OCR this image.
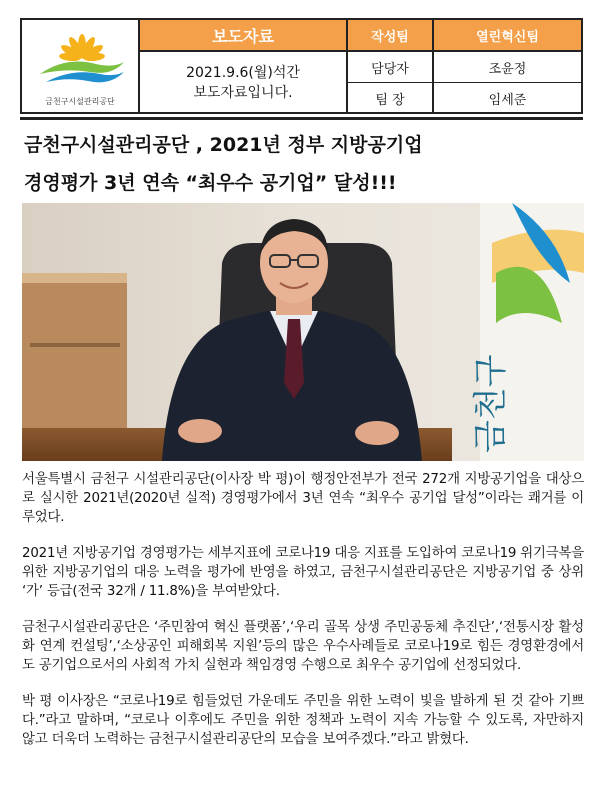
금천구시설관리공단
보도자료
2021.9.6(월)석간
보도자료입니다.
작성팀	열린혁신팀
담당자	조윤정
팀 장	임세준
금천구시설관리공단 , 2021년 정부 지방공기업
경영평가 3년 연속 “최우수 공기업” 달성!!!
금천구

서울특별시 금천구 시설관리공단(이사장 박 평)이 행정안전부가 전국 272개 지방공기업을 대상으로 실시한 2021년(2020년 실적) 경영평가에서 3년 연속 “최우수 공기업 달성”이라는 쾌거를 이루었다.

2021년 지방공기업 경영평가는 세부지표에 코로나19 대응 지표를 도입하여 코로나19 위기극복을 위한 지방공기업의 대응 노력을 평가에 반영을 하였고, 금천구시설관리공단은 지방공기업 중 상위 ‘가’ 등급(전국 32개 / 11.8%)을 부여받았다.

금천구시설관리공단은 ‘주민참여 혁신 플랫폼’,‘우리 골목 상생 주민공동체 추진단’,‘전통시장 활성화 연계 컨설팅’,‘소상공인 피해회복 지원’등의 많은 우수사례들로 코로나19로 힘든 경영환경에서도 공기업으로서의 사회적 가치 실현과 책임경영 수행으로 최우수 공기업에 선정되었다.

박 평 이사장은 “코로나19로 힘들었던 가운데도 주민을 위한 노력이 빛을 발하게 된 것 같아 기쁘다.”라고 말하며, “코로나 이후에도 주민을 위한 정책과 노력이 지속 가능할 수 있도록, 자만하지 않고 더욱더 노력하는 금천구시설관리공단의 모습을 보여주겠다.”라고 밝혔다.
